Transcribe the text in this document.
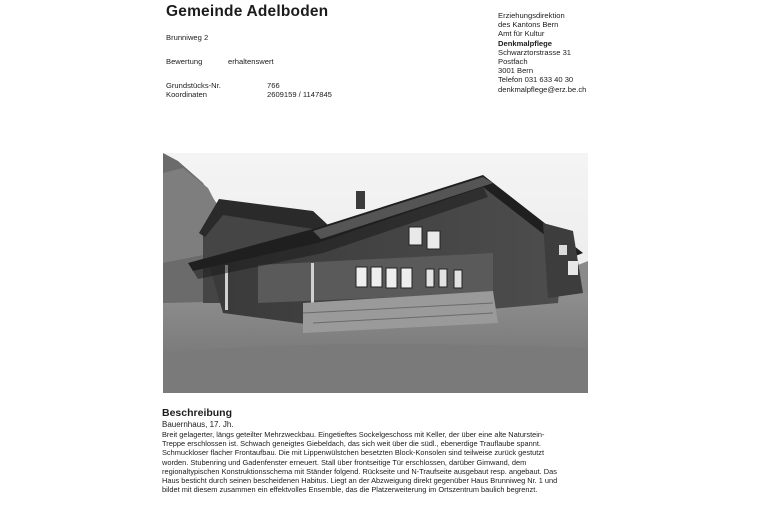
Gemeinde Adelboden
Brunniweg 2
Bewertung	erhaltenswert
Grundstücks-Nr.	766
Koordinaten	2609159 / 1147845
Erziehungsdirektion
des Kantons Bern
Amt für Kultur
Denkmalpflege
Schwarztorstrasse 31
Postfach
3001 Bern
Telefon 031 633 40 30
denkmalpflege@erz.be.ch
Beschreibung
Bauernhaus, 17. Jh.
Breit gelagerter, längs geteilter Mehrzweckbau. Eingetieftes Sockelgeschoss mit Keller, der über eine alte Naturstein-
Treppe erschlossen ist. Schwach geneigtes Giebeldach, das sich weit über die südl., ebenerdige Trauflaube spannt.
Schmuckloser flacher Frontaufbau. Die mit Lippenwülstchen besetzten Block-Konsolen sind teilweise zurück gestutzt
worden. Stubenring und Gadenfenster erneuert. Stall über frontseitige Tür erschlossen, darüber Gimwand, dem
regionaltypischen Konstruktionsschema mit Ständer folgend. Rückseite und N-Traufseite ausgebaut resp. angebaut. Das
Haus besticht durch seinen bescheidenen Habitus. Liegt an der Abzweigung direkt gegenüber Haus Brunniweg Nr. 1 und
bildet mit diesem zusammen ein effektvolles Ensemble, das die Platzerweiterung im Ortszentrum baulich begrenzt.
